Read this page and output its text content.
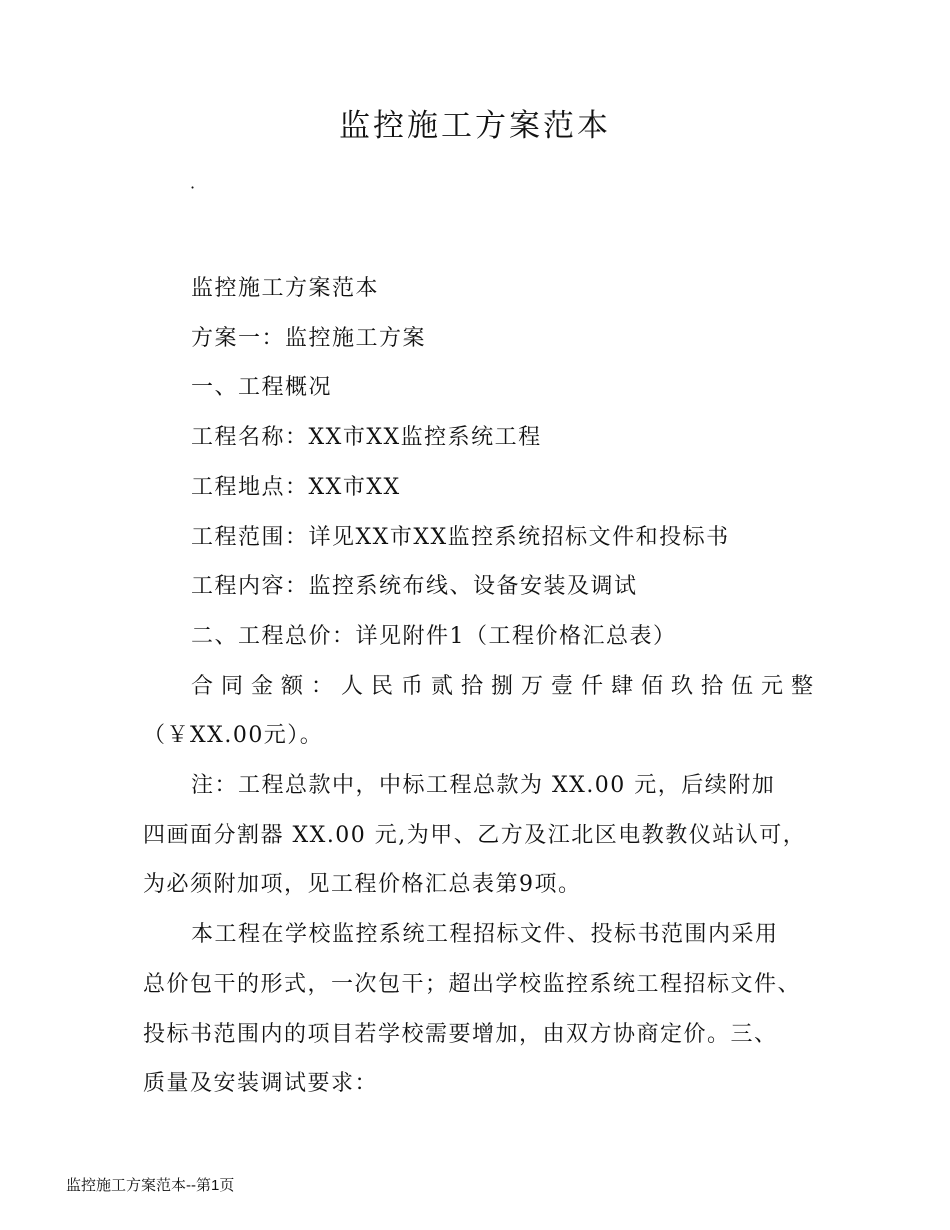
监控施工方案范本
·

监控施工方案范本

方案一：监控施工方案

一、工程概况

工程名称：XX市XX监控系统工程

工程地点：XX市XX

工程范围：详见XX市XX监控系统招标文件和投标书

工程内容：监控系统布线、设备安装及调试

二、工程总价：详见附件1（工程价格汇总表）

合同金额：人民币贰拾捌万壹仟肆佰玖拾伍元整

（￥XX.00元）。

注：工程总款中，中标工程总款为 XX.00 元，后续附加

四画面分割器 XX.00 元,为甲、乙方及江北区电教教仪站认可，

为必须附加项，见工程价格汇总表第9项。

本工程在学校监控系统工程招标文件、投标书范围内采用

总价包干的形式，一次包干；超出学校监控系统工程招标文件、

投标书范围内的项目若学校需要增加，由双方协商定价。三、

质量及安装调试要求：

监控施工方案范本--第1页
